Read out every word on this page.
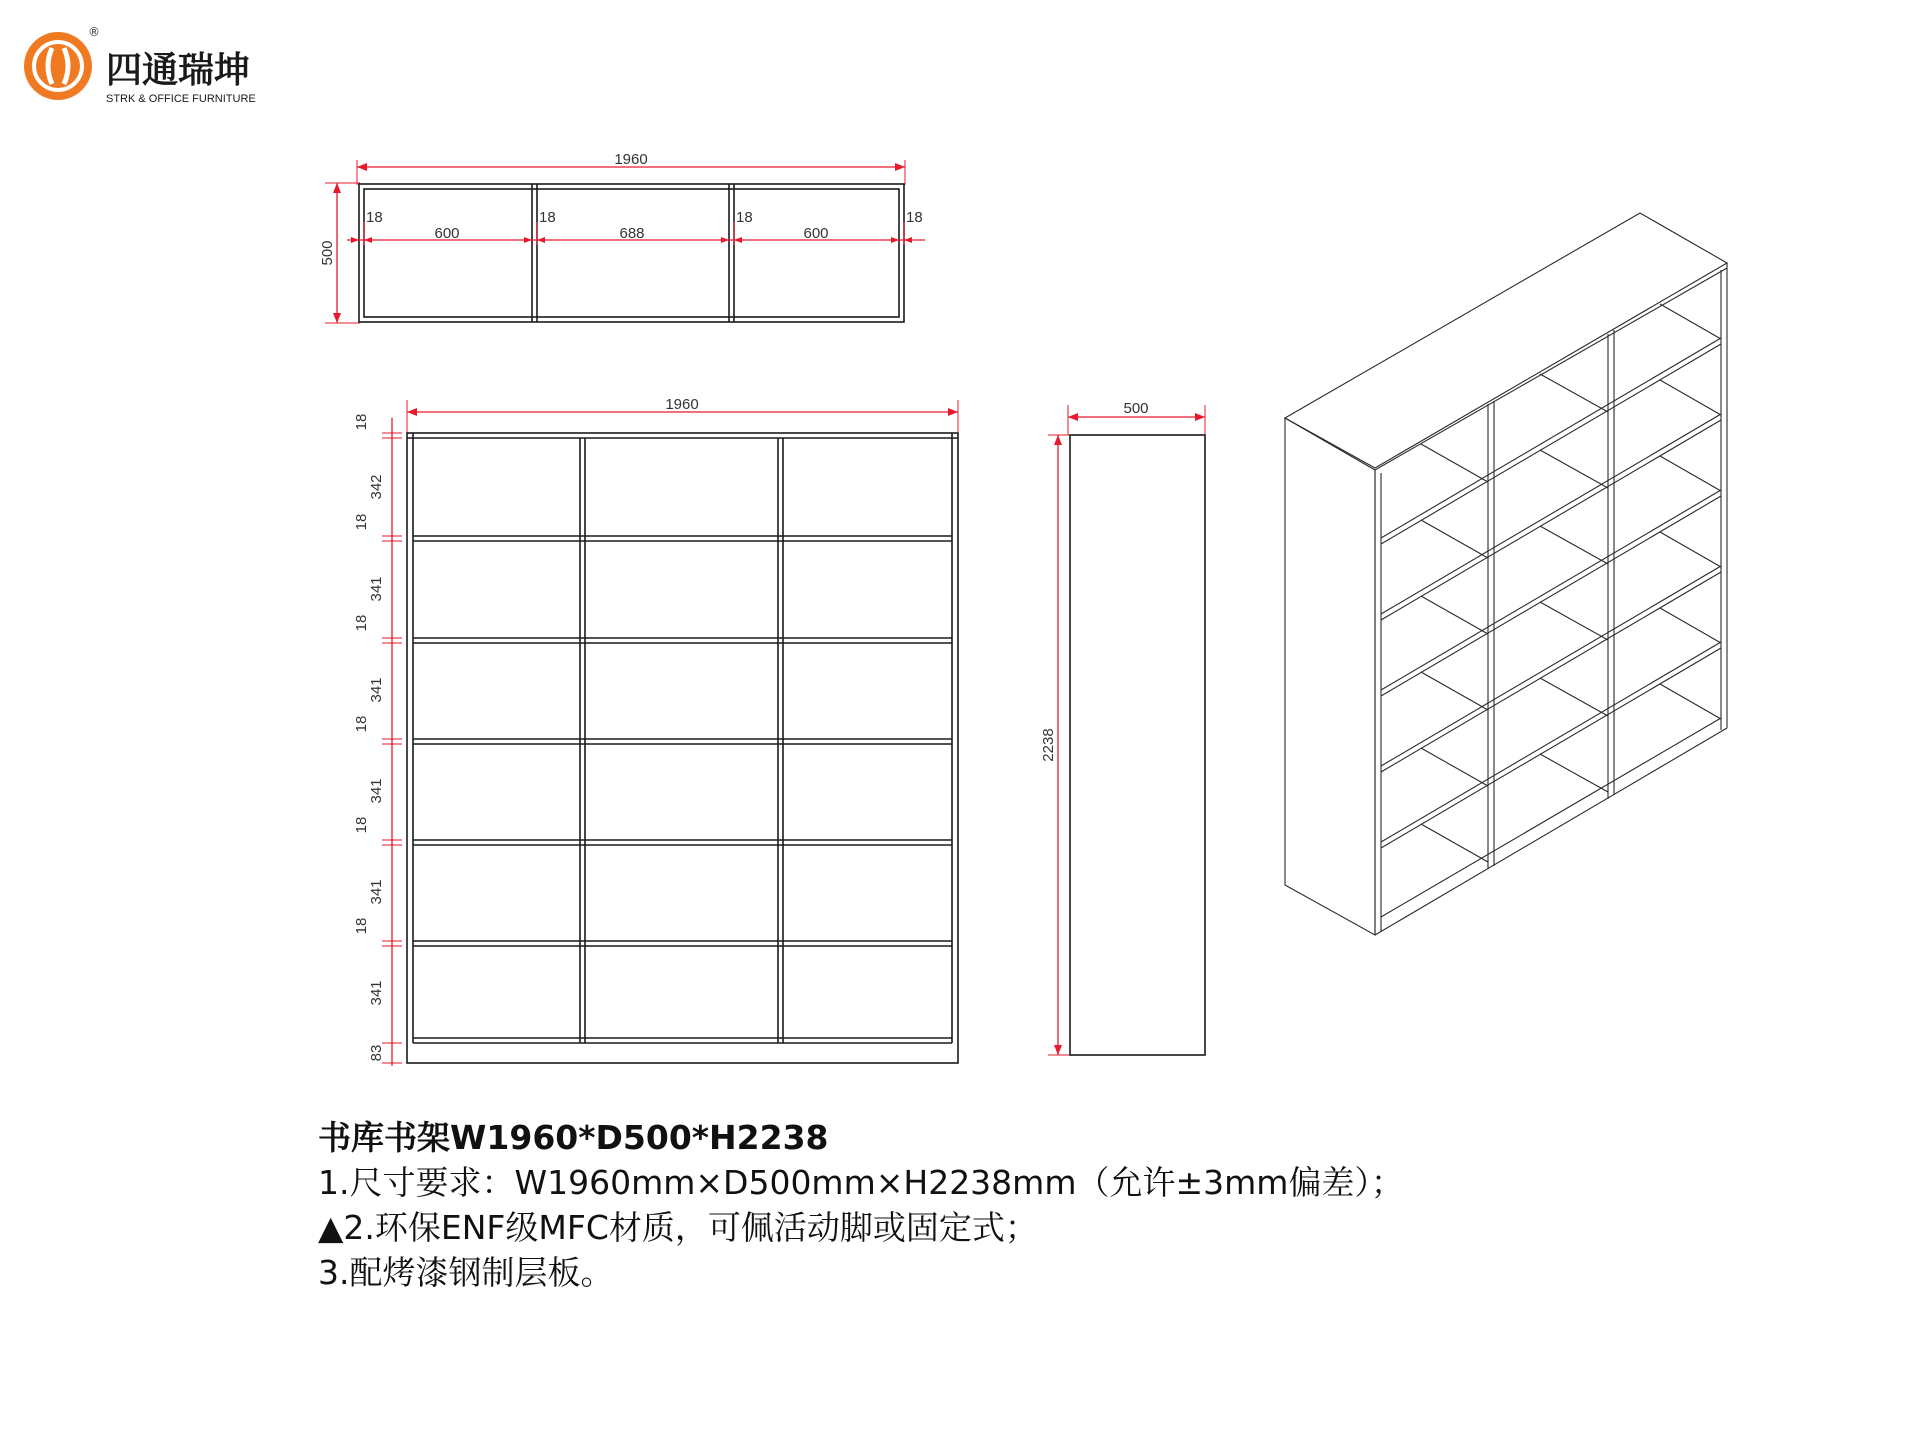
®
四通瑞坤
STRK & OFFICE FURNITURE
1960
500
18
600
18
688
18
600
18
1960
18
342
18
341
18
341
18
341
18
341
18
341
83
500
2238
书库书架W1960*D500*H2238
1.尺寸要求：W1960mm×D500mm×H2238mm（允许±3mm偏差）；
▲2.环保ENF级MFC材质，可佩活动脚或固定式；
3.配烤漆钢制层板。
